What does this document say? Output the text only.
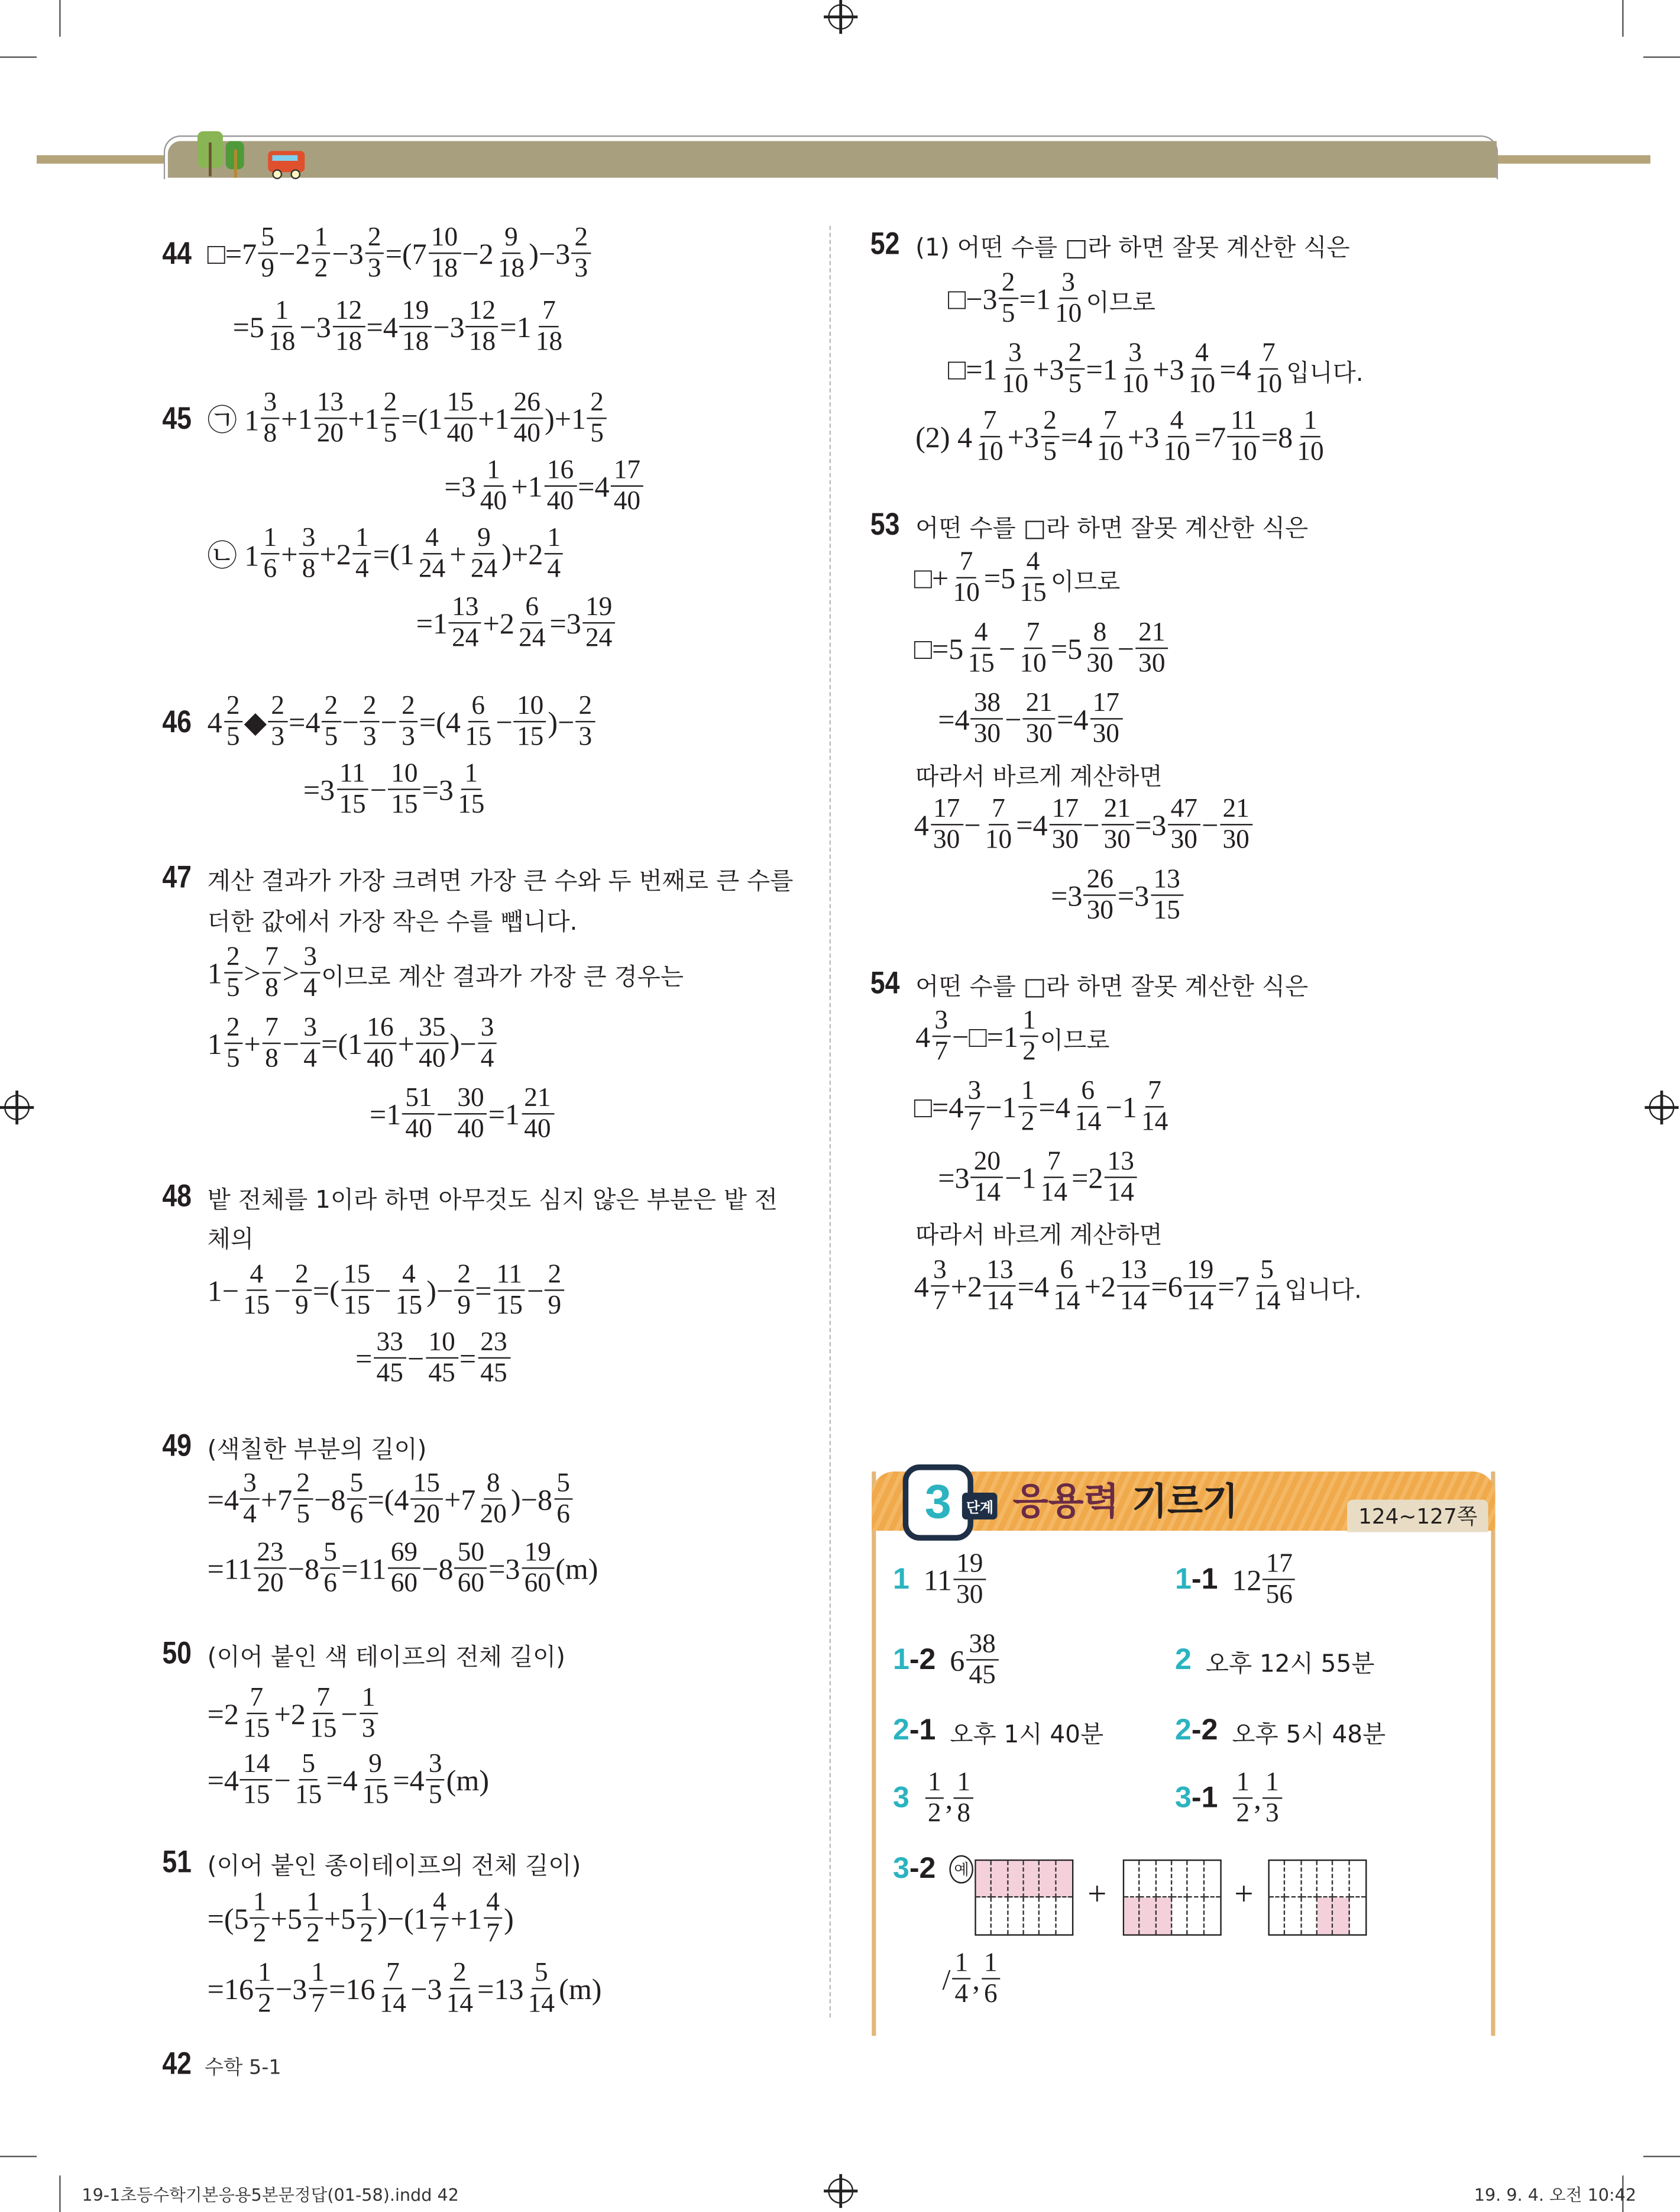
44 □=7 $\frac{5}{9} -2 \frac{1}{2} -3 \frac{2}{3} =(7 \frac{10}{18} -2 \frac{9}{18} )-3 \frac{2}{3}$
$=5 \frac{1}{18} -3 \frac{12}{18} =4 \frac{19}{18} -3 \frac{12}{18} =1 \frac{7}{18}$
45 ㉠ $1 \frac{3}{8} +1 \frac{13}{20} +1 \frac{2}{5} =(1 \frac{15}{40} +1 \frac{26}{40} )+1 \frac{2}{5}$
$=3 \frac{1}{40} +1 \frac{16}{40} =4 \frac{17}{40}$
㉡ $1 \frac{1}{6} + \frac{3}{8} +2 \frac{1}{4} =(1 \frac{4}{24} + \frac{9}{24} )+2 \frac{1}{4}$
$=1 \frac{13}{24} +2 \frac{6}{24} =3 \frac{19}{24}$
46 $4 \frac{2}{5}$ ◆ $\frac{2}{3} =4 \frac{2}{5} - \frac{2}{3} - \frac{2}{3} =(4 \frac{6}{15} - \frac{10}{15}$ )− $\frac{2}{3}$
$=3 \frac{11}{15} - \frac{10}{15} =3 \frac{1}{15}$
47 계산 결과가 가장 크려면 가장 큰 수와 두 번째로 큰 수를
더한 값에서 가장 작은 수를 뺍니다.
$1 \frac{2}{5} > \frac{7}{8} > \frac{3}{4}$ 이므로 계산 결과가 가장 큰 경우는
$1 \frac{2}{5} + \frac{7}{8} - \frac{3}{4} =(1 \frac{16}{40} + \frac{35}{40}$ )− $\frac{3}{4}$
$=1 \frac{51}{40} - \frac{30}{40} =1 \frac{21}{40}$
48 밭 전체를 1이라 하면 아무것도 심지 않은 부분은 밭 전
체의
$1- \frac{4}{15} - \frac{2}{9}$ =( $\frac{15}{15} - \frac{4}{15}$ )− $\frac{2}{9} = \frac{11}{15} - \frac{2}{9}$
= $\frac{33}{45} - \frac{10}{45} = \frac{23}{45}$
49 (색칠한 부분의 길이)
$=4 \frac{3}{4} +7 \frac{2}{5} -8 \frac{5}{6} =(4 \frac{15}{20} +7 \frac{8}{20} )-8 \frac{5}{6}$
$=11 \frac{23}{20} -8 \frac{5}{6} =11 \frac{69}{60} -8 \frac{50}{60} =3 \frac{19}{60} (m)$
50 (이어 붙인 색 테이프의 전체 길이)
$=2 \frac{7}{15} +2 \frac{7}{15} - \frac{1}{3}$
$=4 \frac{14}{15} - \frac{5}{15} =4 \frac{9}{15} =4 \frac{3}{5} (m)$
51 (이어 붙인 종이테이프의 전체 길이)
$=(5 \frac{1}{2} +5 \frac{1}{2} +5 \frac{1}{2} )-(1 \frac{4}{7} +1 \frac{4}{7}$ )
$=16 \frac{1}{2} -3 \frac{1}{7} =16 \frac{7}{14} -3 \frac{2}{14} =13 \frac{5}{14} (m)$
52 (1) 어떤 수를 □라 하면 잘못 계산한 식은
□−3 $\frac{2}{5} =1 \frac{3}{10}$ 이므로
□=1 $\frac{3}{10} +3 \frac{2}{5} =1 \frac{3}{10} +3 \frac{4}{10} =4 \frac{7}{10}$ 입니다.
(2) $4 \frac{7}{10} +3 \frac{2}{5} =4 \frac{7}{10} +3 \frac{4}{10} =7 \frac{11}{10} =8 \frac{1}{10}$
53 어떤 수를 □라 하면 잘못 계산한 식은
□+ $\frac{7}{10} =5 \frac{4}{15}$ 이므로
□=5 $\frac{4}{15} - \frac{7}{10} =5 \frac{8}{30} - \frac{21}{30}$
$=4 \frac{38}{30} - \frac{21}{30} =4 \frac{17}{30}$
따라서 바르게 계산하면
$4 \frac{17}{30} - \frac{7}{10} =4 \frac{17}{30} - \frac{21}{30} =3 \frac{47}{30} - \frac{21}{30}$
$=3 \frac{26}{30} =3 \frac{13}{15}$
54 어떤 수를 □라 하면 잘못 계산한 식은
$4 \frac{3}{7}$ −□=1 $\frac{1}{2}$ 이므로
□=4 $\frac{3}{7} -1 \frac{1}{2} =4 \frac{6}{14} -1 \frac{7}{14}$
$=3 \frac{20}{14} -1 \frac{7}{14} =2 \frac{13}{14}$
따라서 바르게 계산하면
$4 \frac{3}{7} +2 \frac{13}{14} =4 \frac{6}{14} +2 \frac{13}{14} =6 \frac{19}{14} =7 \frac{5}{14}$ 입니다.
3	단계 응용력 기르기	124~127쪽
1 $11 \frac{19}{30}$	1-1 $12 \frac{17}{56}$
1-2 $6 \frac{38}{45}$	2 오후 12시 55분
2-1 오후 1시 40분	2-2 오후 5시 48분
$3 \frac{1}{2}$ , $\frac{1}{8}$	$3-1 \frac{1}{2}$ , $\frac{1}{3}$
3-2	예
+	+
/ $\frac{1}{4}$ , $\frac{1}{6}$
42 수학 5-1
19-1초등수학기본응용5본문정답(01-58).indd 42	19. 9. 4. 오전 10:42
